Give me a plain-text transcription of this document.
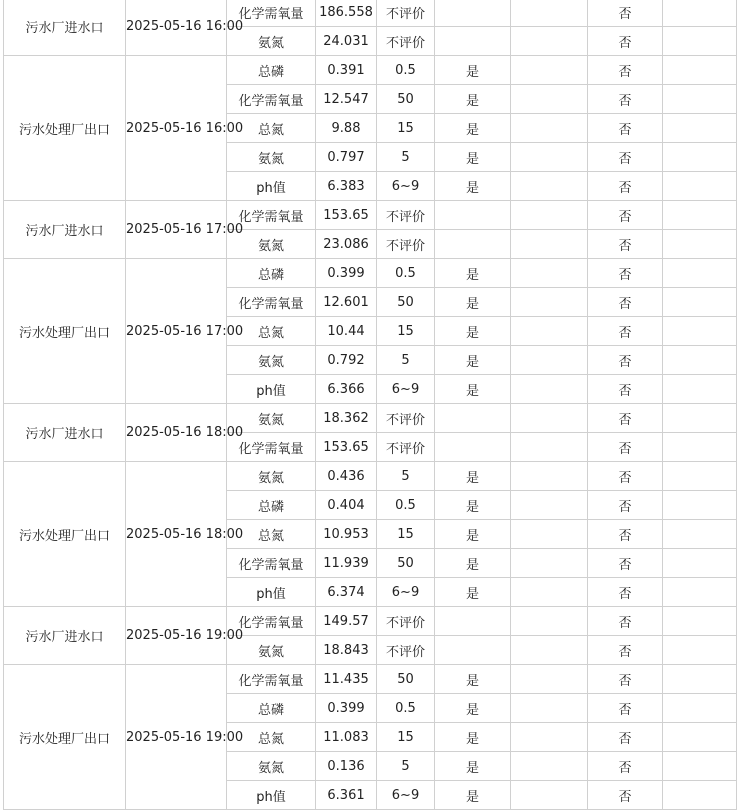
污水厂进水口	2025-05-16 16:00	化学需氧量	186.558	不评价			否	
		氨氮	24.031	不评价			否	
污水处理厂出口	2025-05-16 16:00	总磷	0.391	0.5	是		否	
		化学需氧量	12.547	50	是		否	
		总氮	9.88	15	是		否	
		氨氮	0.797	5	是		否	
		ph值	6.383	6~9	是		否	
污水厂进水口	2025-05-16 17:00	化学需氧量	153.65	不评价			否	
		氨氮	23.086	不评价			否	
污水处理厂出口	2025-05-16 17:00	总磷	0.399	0.5	是		否	
		化学需氧量	12.601	50	是		否	
		总氮	10.44	15	是		否	
		氨氮	0.792	5	是		否	
		ph值	6.366	6~9	是		否	
污水厂进水口	2025-05-16 18:00	氨氮	18.362	不评价			否	
		化学需氧量	153.65	不评价			否	
污水处理厂出口	2025-05-16 18:00	氨氮	0.436	5	是		否	
		总磷	0.404	0.5	是		否	
		总氮	10.953	15	是		否	
		化学需氧量	11.939	50	是		否	
		ph值	6.374	6~9	是		否	
污水厂进水口	2025-05-16 19:00	化学需氧量	149.57	不评价			否	
		氨氮	18.843	不评价			否	
污水处理厂出口	2025-05-16 19:00	化学需氧量	11.435	50	是		否	
		总磷	0.399	0.5	是		否	
		总氮	11.083	15	是		否	
		氨氮	0.136	5	是		否	
		ph值	6.361	6~9	是		否	
